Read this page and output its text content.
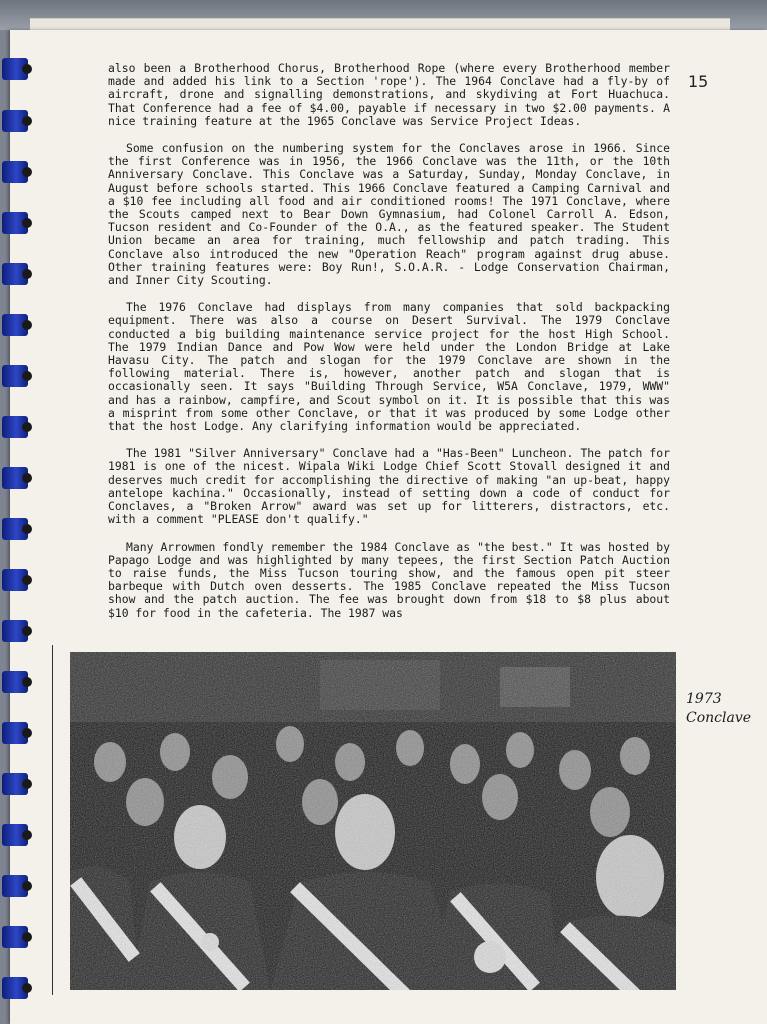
15

also been a Brotherhood Chorus, Brotherhood Rope (where every Brotherhood member made and added his link to a Section 'rope'). The 1964 Conclave had a fly-by of aircraft, drone and signalling demonstrations, and skydiving at Fort Huachuca. That Conference had a fee of $4.00, payable if necessary in two $2.00 payments. A nice training feature at the 1965 Conclave was Service Project Ideas.

Some confusion on the numbering system for the Conclaves arose in 1966. Since the first Conference was in 1956, the 1966 Conclave was the 11th, or the 10th Anniversary Conclave. This Conclave was a Saturday, Sunday, Monday Conclave, in August before schools started. This 1966 Conclave featured a Camping Carnival and a $10 fee including all food and air conditioned rooms! The 1971 Conclave, where the Scouts camped next to Bear Down Gymnasium, had Colonel Carroll A. Edson, Tucson resident and Co-Founder of the O.A., as the featured speaker. The Student Union became an area for training, much fellowship and patch trading. This Conclave also introduced the new "Operation Reach" program against drug abuse. Other training features were: Boy Run!, S.O.A.R. - Lodge Conservation Chairman, and Inner City Scouting.

The 1976 Conclave had displays from many companies that sold backpacking equipment. There was also a course on Desert Survival. The 1979 Conclave conducted a big building maintenance service project for the host High School. The 1979 Indian Dance and Pow Wow were held under the London Bridge at Lake Havasu City. The patch and slogan for the 1979 Conclave are shown in the following material. There is, however, another patch and slogan that is occasionally seen. It says "Building Through Service, W5A Conclave, 1979, WWW" and has a rainbow, campfire, and Scout symbol on it. It is possible that this was a misprint from some other Conclave, or that it was produced by some Lodge other that the host Lodge. Any clarifying information would be appreciated.

The 1981 "Silver Anniversary" Conclave had a "Has-Been" Luncheon. The patch for 1981 is one of the nicest. Wipala Wiki Lodge Chief Scott Stovall designed it and deserves much credit for accomplishing the directive of making "an up-beat, happy antelope kachina." Occasionally, instead of setting down a code of conduct for Conclaves, a "Broken Arrow" award was set up for litterers, distractors, etc. with a comment "PLEASE don't qualify."

Many Arrowmen fondly remember the 1984 Conclave as "the best." It was hosted by Papago Lodge and was highlighted by many tepees, the first Section Patch Auction to raise funds, the Miss Tucson touring show, and the famous open pit steer barbeque with Dutch oven desserts. The 1985 Conclave repeated the Miss Tucson show and the patch auction. The fee was brought down from $18 to $8 plus about $10 for food in the cafeteria. The 1987 was

1973
Conclave
